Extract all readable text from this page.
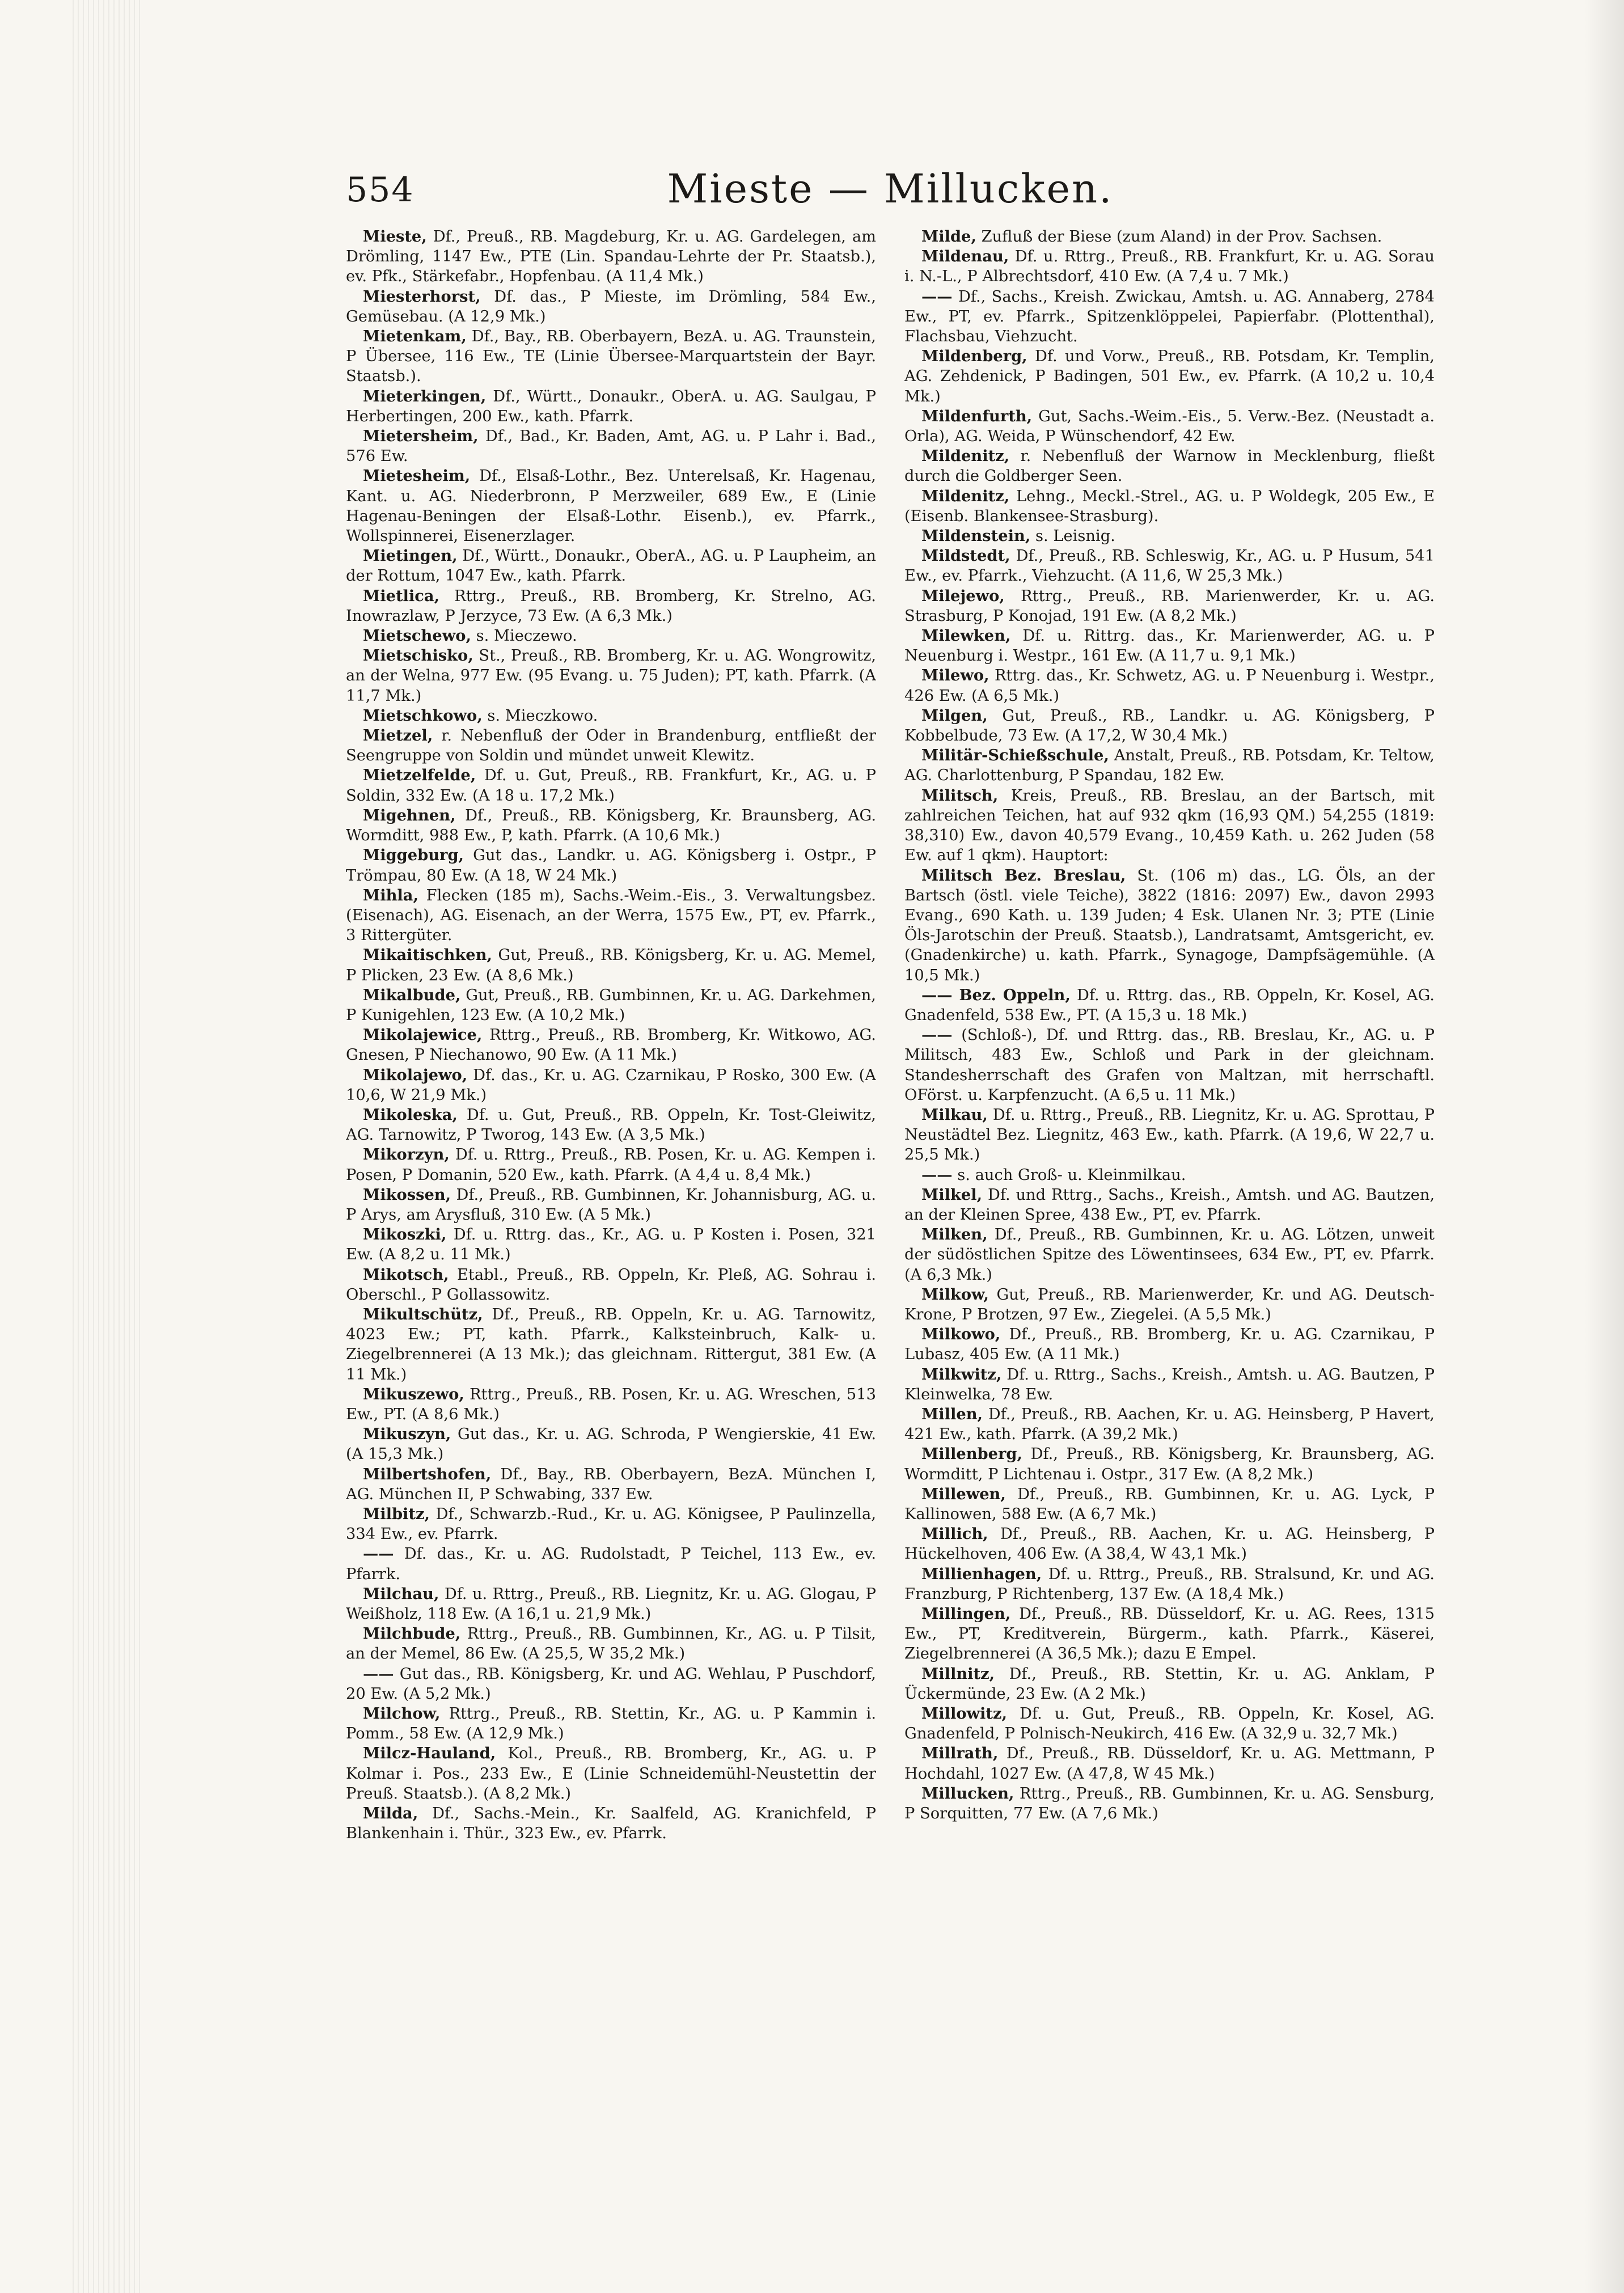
554	Mieste — Millucken.

Mieste, Df., Preuß., RB. Magdeburg, Kr. u. AG. Gardelegen, am Drömling, 1147 Ew., PTE (Lin. Spandau-Lehrte der Pr. Staatsb.), ev. Pfk., Stärkefabr., Hopfenbau. (A 11,4 Mk.)

Miesterhorst, Df. das., P Mieste, im Drömling, 584 Ew., Gemüsebau. (A 12,9 Mk.)

Mietenkam, Df., Bay., RB. Oberbayern, BezA. u. AG. Traunstein, P Übersee, 116 Ew., TE (Linie Übersee-Marquartstein der Bayr. Staatsb.).

Mieterkingen, Df., Württ., Donaukr., OberA. u. AG. Saulgau, P Herbertingen, 200 Ew., kath. Pfarrk.

Mietersheim, Df., Bad., Kr. Baden, Amt, AG. u. P Lahr i. Bad., 576 Ew.

Mietesheim, Df., Elsaß-Lothr., Bez. Unterelsaß, Kr. Hagenau, Kant. u. AG. Niederbronn, P Merzweiler, 689 Ew., E (Linie Hagenau-Beningen der Elsaß-Lothr. Eisenb.), ev. Pfarrk., Wollspinnerei, Eisenerzlager.

Mietingen, Df., Württ., Donaukr., OberA., AG. u. P Laupheim, an der Rottum, 1047 Ew., kath. Pfarrk.

Mietlica, Rttrg., Preuß., RB. Bromberg, Kr. Strelno, AG. Inowrazlaw, P Jerzyce, 73 Ew. (A 6,3 Mk.)

Mietschewo, s. Mieczewo.

Mietschisko, St., Preuß., RB. Bromberg, Kr. u. AG. Wongrowitz, an der Welna, 977 Ew. (95 Evang. u. 75 Juden); PT, kath. Pfarrk. (A 11,7 Mk.)

Mietschkowo, s. Mieczkowo.

Mietzel, r. Nebenfluß der Oder in Brandenburg, entfließt der Seengruppe von Soldin und mündet unweit Klewitz.

Mietzelfelde, Df. u. Gut, Preuß., RB. Frankfurt, Kr., AG. u. P Soldin, 332 Ew. (A 18 u. 17,2 Mk.)

Migehnen, Df., Preuß., RB. Königsberg, Kr. Braunsberg, AG. Wormditt, 988 Ew., P, kath. Pfarrk. (A 10,6 Mk.)

Miggeburg, Gut das., Landkr. u. AG. Königsberg i. Ostpr., P Trömpau, 80 Ew. (A 18, W 24 Mk.)

Mihla, Flecken (185 m), Sachs.-Weim.-Eis., 3. Verwaltungsbez. (Eisenach), AG. Eisenach, an der Werra, 1575 Ew., PT, ev. Pfarrk., 3 Rittergüter.

Mikaitischken, Gut, Preuß., RB. Königsberg, Kr. u. AG. Memel, P Plicken, 23 Ew. (A 8,6 Mk.)

Mikalbude, Gut, Preuß., RB. Gumbinnen, Kr. u. AG. Darkehmen, P Kunigehlen, 123 Ew. (A 10,2 Mk.)

Mikolajewice, Rttrg., Preuß., RB. Bromberg, Kr. Witkowo, AG. Gnesen, P Niechanowo, 90 Ew. (A 11 Mk.)

Mikolajewo, Df. das., Kr. u. AG. Czarnikau, P Rosko, 300 Ew. (A 10,6, W 21,9 Mk.)

Mikoleska, Df. u. Gut, Preuß., RB. Oppeln, Kr. Tost-Gleiwitz, AG. Tarnowitz, P Tworog, 143 Ew. (A 3,5 Mk.)

Mikorzyn, Df. u. Rttrg., Preuß., RB. Posen, Kr. u. AG. Kempen i. Posen, P Domanin, 520 Ew., kath. Pfarrk. (A 4,4 u. 8,4 Mk.)

Mikossen, Df., Preuß., RB. Gumbinnen, Kr. Johannisburg, AG. u. P Arys, am Arysfluß, 310 Ew. (A 5 Mk.)

Mikoszki, Df. u. Rttrg. das., Kr., AG. u. P Kosten i. Posen, 321 Ew. (A 8,2 u. 11 Mk.)

Mikotsch, Etabl., Preuß., RB. Oppeln, Kr. Pleß, AG. Sohrau i. Oberschl., P Gollassowitz.

Mikultschütz, Df., Preuß., RB. Oppeln, Kr. u. AG. Tarnowitz, 4023 Ew.; PT, kath. Pfarrk., Kalksteinbruch, Kalk- u. Ziegelbrennerei (A 13 Mk.); das gleichnam. Rittergut, 381 Ew. (A 11 Mk.)

Mikuszewo, Rttrg., Preuß., RB. Posen, Kr. u. AG. Wreschen, 513 Ew., PT. (A 8,6 Mk.)

Mikuszyn, Gut das., Kr. u. AG. Schroda, P Wengierskie, 41 Ew. (A 15,3 Mk.)

Milbertshofen, Df., Bay., RB. Oberbayern, BezA. München I, AG. München II, P Schwabing, 337 Ew.

Milbitz, Df., Schwarzb.-Rud., Kr. u. AG. Königsee, P Paulinzella, 334 Ew., ev. Pfarrk.

—— Df. das., Kr. u. AG. Rudolstadt, P Teichel, 113 Ew., ev. Pfarrk.

Milchau, Df. u. Rttrg., Preuß., RB. Liegnitz, Kr. u. AG. Glogau, P Weißholz, 118 Ew. (A 16,1 u. 21,9 Mk.)

Milchbude, Rttrg., Preuß., RB. Gumbinnen, Kr., AG. u. P Tilsit, an der Memel, 86 Ew. (A 25,5, W 35,2 Mk.)

—— Gut das., RB. Königsberg, Kr. und AG. Wehlau, P Puschdorf, 20 Ew. (A 5,2 Mk.)

Milchow, Rttrg., Preuß., RB. Stettin, Kr., AG. u. P Kammin i. Pomm., 58 Ew. (A 12,9 Mk.)

Milcz-Hauland, Kol., Preuß., RB. Bromberg, Kr., AG. u. P Kolmar i. Pos., 233 Ew., E (Linie Schneidemühl-Neustettin der Preuß. Staatsb.). (A 8,2 Mk.)

Milda, Df., Sachs.-Mein., Kr. Saalfeld, AG. Kranichfeld, P Blankenhain i. Thür., 323 Ew., ev. Pfarrk.

Milde, Zufluß der Biese (zum Aland) in der Prov. Sachsen.

Mildenau, Df. u. Rttrg., Preuß., RB. Frankfurt, Kr. u. AG. Sorau i. N.-L., P Albrechtsdorf, 410 Ew. (A 7,4 u. 7 Mk.)

—— Df., Sachs., Kreish. Zwickau, Amtsh. u. AG. Annaberg, 2784 Ew., PT, ev. Pfarrk., Spitzenklöppelei, Papierfabr. (Plottenthal), Flachsbau, Viehzucht.

Mildenberg, Df. und Vorw., Preuß., RB. Potsdam, Kr. Templin, AG. Zehdenick, P Badingen, 501 Ew., ev. Pfarrk. (A 10,2 u. 10,4 Mk.)

Mildenfurth, Gut, Sachs.-Weim.-Eis., 5. Verw.-Bez. (Neustadt a. Orla), AG. Weida, P Wünschendorf, 42 Ew.

Mildenitz, r. Nebenfluß der Warnow in Mecklenburg, fließt durch die Goldberger Seen.

Mildenitz, Lehng., Meckl.-Strel., AG. u. P Woldegk, 205 Ew., E (Eisenb. Blankensee-Strasburg).

Mildenstein, s. Leisnig.

Mildstedt, Df., Preuß., RB. Schleswig, Kr., AG. u. P Husum, 541 Ew., ev. Pfarrk., Viehzucht. (A 11,6, W 25,3 Mk.)

Milejewo, Rttrg., Preuß., RB. Marienwerder, Kr. u. AG. Strasburg, P Konojad, 191 Ew. (A 8,2 Mk.)

Milewken, Df. u. Rittrg. das., Kr. Marienwerder, AG. u. P Neuenburg i. Westpr., 161 Ew. (A 11,7 u. 9,1 Mk.)

Milewo, Rttrg. das., Kr. Schwetz, AG. u. P Neuenburg i. Westpr., 426 Ew. (A 6,5 Mk.)

Milgen, Gut, Preuß., RB., Landkr. u. AG. Königsberg, P Kobbelbude, 73 Ew. (A 17,2, W 30,4 Mk.)

Militär-Schießschule, Anstalt, Preuß., RB. Potsdam, Kr. Teltow, AG. Charlottenburg, P Spandau, 182 Ew.

Militsch, Kreis, Preuß., RB. Breslau, an der Bartsch, mit zahlreichen Teichen, hat auf 932 qkm (16,93 QM.) 54,255 (1819: 38,310) Ew., davon 40,579 Evang., 10,459 Kath. u. 262 Juden (58 Ew. auf 1 qkm). Hauptort:

Militsch Bez. Breslau, St. (106 m) das., LG. Öls, an der Bartsch (östl. viele Teiche), 3822 (1816: 2097) Ew., davon 2993 Evang., 690 Kath. u. 139 Juden; 4 Esk. Ulanen Nr. 3; PTE (Linie Öls-Jarotschin der Preuß. Staatsb.), Landratsamt, Amtsgericht, ev. (Gnadenkirche) u. kath. Pfarrk., Synagoge, Dampfsägemühle. (A 10,5 Mk.)

—— Bez. Oppeln, Df. u. Rttrg. das., RB. Oppeln, Kr. Kosel, AG. Gnadenfeld, 538 Ew., PT. (A 15,3 u. 18 Mk.)

—— (Schloß-), Df. und Rttrg. das., RB. Breslau, Kr., AG. u. P Militsch, 483 Ew., Schloß und Park in der gleichnam. Standesherrschaft des Grafen von Maltzan, mit herrschaftl. OFörst. u. Karpfenzucht. (A 6,5 u. 11 Mk.)

Milkau, Df. u. Rttrg., Preuß., RB. Liegnitz, Kr. u. AG. Sprottau, P Neustädtel Bez. Liegnitz, 463 Ew., kath. Pfarrk. (A 19,6, W 22,7 u. 25,5 Mk.)

—— s. auch Groß- u. Kleinmilkau.

Milkel, Df. und Rttrg., Sachs., Kreish., Amtsh. und AG. Bautzen, an der Kleinen Spree, 438 Ew., PT, ev. Pfarrk.

Milken, Df., Preuß., RB. Gumbinnen, Kr. u. AG. Lötzen, unweit der südöstlichen Spitze des Löwentinsees, 634 Ew., PT, ev. Pfarrk. (A 6,3 Mk.)

Milkow, Gut, Preuß., RB. Marienwerder, Kr. und AG. Deutsch-Krone, P Brotzen, 97 Ew., Ziegelei. (A 5,5 Mk.)

Milkowo, Df., Preuß., RB. Bromberg, Kr. u. AG. Czarnikau, P Lubasz, 405 Ew. (A 11 Mk.)

Milkwitz, Df. u. Rttrg., Sachs., Kreish., Amtsh. u. AG. Bautzen, P Kleinwelka, 78 Ew.

Millen, Df., Preuß., RB. Aachen, Kr. u. AG. Heinsberg, P Havert, 421 Ew., kath. Pfarrk. (A 39,2 Mk.)

Millenberg, Df., Preuß., RB. Königsberg, Kr. Braunsberg, AG. Wormditt, P Lichtenau i. Ostpr., 317 Ew. (A 8,2 Mk.)

Millewen, Df., Preuß., RB. Gumbinnen, Kr. u. AG. Lyck, P Kallinowen, 588 Ew. (A 6,7 Mk.)

Millich, Df., Preuß., RB. Aachen, Kr. u. AG. Heinsberg, P Hückelhoven, 406 Ew. (A 38,4, W 43,1 Mk.)

Millienhagen, Df. u. Rttrg., Preuß., RB. Stralsund, Kr. und AG. Franzburg, P Richtenberg, 137 Ew. (A 18,4 Mk.)

Millingen, Df., Preuß., RB. Düsseldorf, Kr. u. AG. Rees, 1315 Ew., PT, Kreditverein, Bürgerm., kath. Pfarrk., Käserei, Ziegelbrennerei (A 36,5 Mk.); dazu E Empel.

Millnitz, Df., Preuß., RB. Stettin, Kr. u. AG. Anklam, P Ückermünde, 23 Ew. (A 2 Mk.)

Millowitz, Df. u. Gut, Preuß., RB. Oppeln, Kr. Kosel, AG. Gnadenfeld, P Polnisch-Neukirch, 416 Ew. (A 32,9 u. 32,7 Mk.)

Millrath, Df., Preuß., RB. Düsseldorf, Kr. u. AG. Mettmann, P Hochdahl, 1027 Ew. (A 47,8, W 45 Mk.)

Millucken, Rttrg., Preuß., RB. Gumbinnen, Kr. u. AG. Sensburg, P Sorquitten, 77 Ew. (A 7,6 Mk.)
